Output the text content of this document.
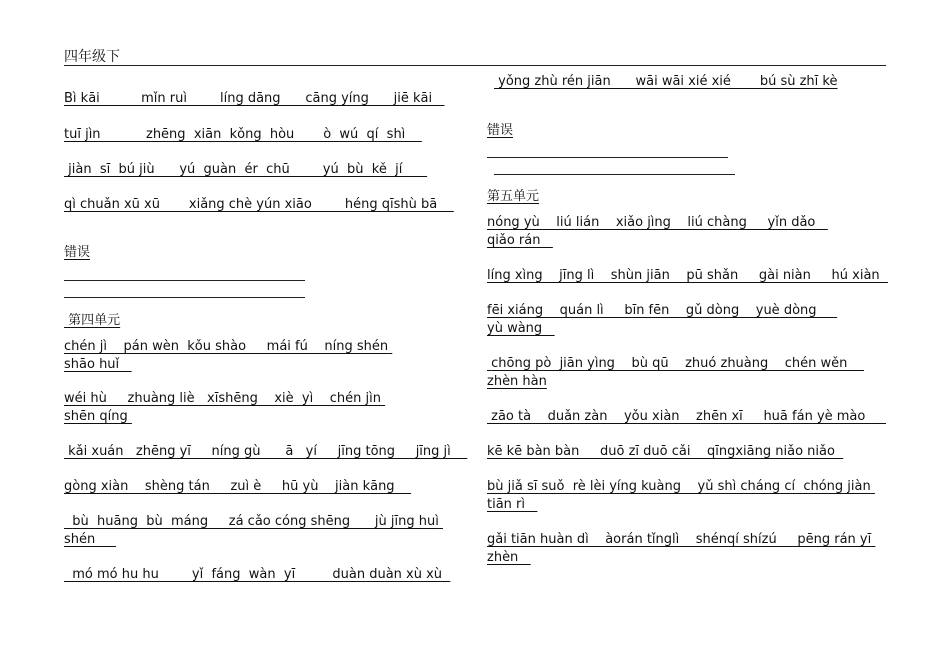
四年级下
Bì kāi          mǐn ruì        líng dāng      cāng yíng      jiē kāi
tuī jìn           zhēng  xiān  kǒng  hòu       ò  wú  qí  shì
jiàn  sī  bú jiù      yú  guàn  ér  chū        yú  bù  kě  jí
qì chuǎn xū xū       xiǎng chè yún xiāo        héng qīshù bā
错误
第四单元
chén jì    pán wèn  kǒu shào     mái fú    níng shén shāo huǐ
wéi hù     zhuàng liè   xīshēng    xiè  yì    chén jìn shēn qíng
kǎi xuán   zhēng yī     níng gù      ā   yí     jīng tōng     jīng jì
gòng xiàn    shèng tán     zuì è     hū yù    jiàn kāng
bù  huāng  bù  máng     zá cǎo cóng shēng      jù jīng huì shén
mó mó hu hu        yǐ  fáng  wàn  yī         duàn duàn xù xù
yǒng zhù rén jiān      wāi wāi xié xié       bú sù zhī kè
错误
第五单元
nóng yù    liú lián    xiǎo jìng    liú chàng     yǐn dǎo   qiǎo rán
líng xìng    jīng lì    shùn jiān    pū shǎn     gài niàn     hú xiàn
fēi xiáng    quán lì     bīn fēn    gǔ dòng    yuè dòng     yù wàng
chōng pò  jiān yìng    bù qū    zhuó zhuàng    chén wěn    zhèn hàn
zāo tà    duǎn zàn    yǒu xiàn    zhēn xī     huā fán yè mào
kē kē bàn bàn     duō zī duō cǎi    qīngxiāng niǎo niǎo
bù jiǎ sī suǒ  rè lèi yíng kuàng    yǔ shì cháng cí  chóng jiàn tiān rì
gǎi tiān huàn dì    àorán tǐnglì    shénqí shízú     pēng rán yī zhèn
